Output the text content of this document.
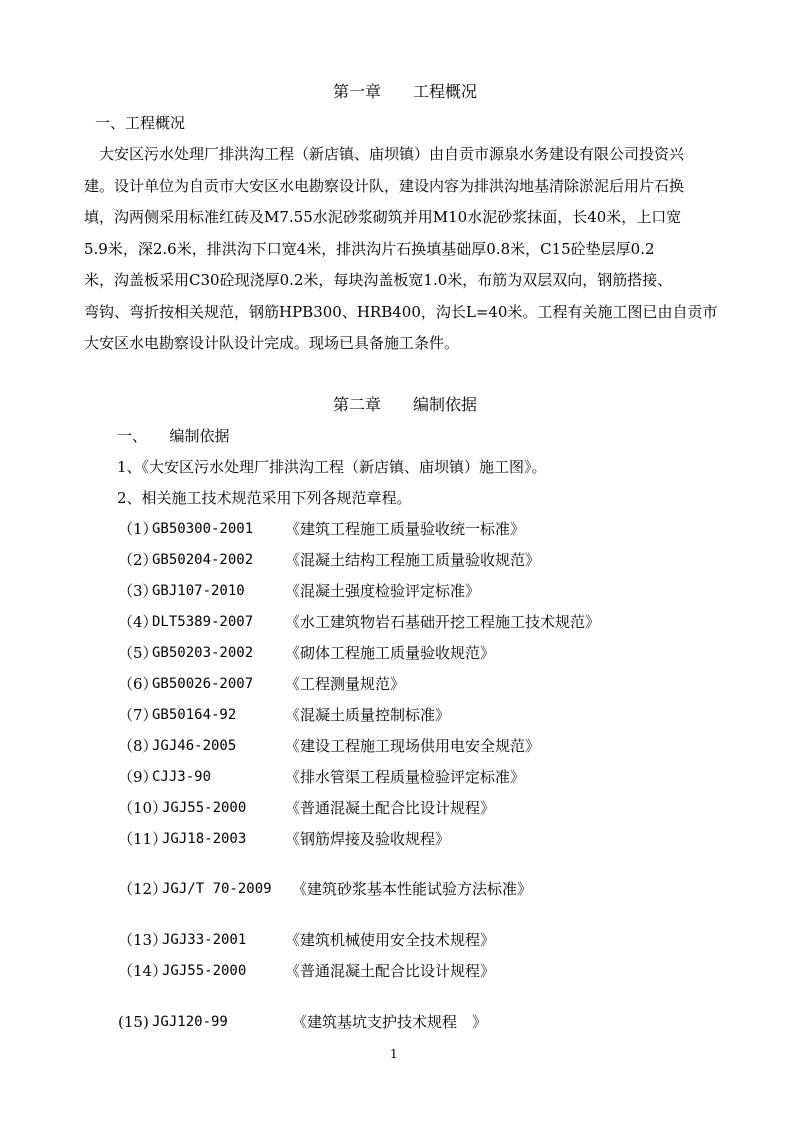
第一章　　工程概况
一、工程概况
　大安区污水处理厂排洪沟工程（新店镇、庙坝镇）由自贡市源泉水务建设有限公司投资兴
建。设计单位为自贡市大安区水电勘察设计队，建设内容为排洪沟地基清除淤泥后用片石换
填，沟两侧采用标准红砖及M7.55水泥砂浆砌筑并用M10水泥砂浆抹面，长40米，上口宽
5.9米，深2.6米，排洪沟下口宽4米，排洪沟片石换填基础厚0.8米，C15砼垫层厚0.2
米，沟盖板采用C30砼现浇厚0.2米，每块沟盖板宽1.0米，布筋为双层双向，钢筋搭接、
弯钩、弯折按相关规范，钢筋HPB300、HRB400，沟长L=40米。工程有关施工图已由自贡市
大安区水电勘察设计队设计完成。现场已具备施工条件。
第二章　　编制依据
一、　　编制依据
1、《大安区污水处理厂排洪沟工程（新店镇、庙坝镇）施工图》。
2、相关施工技术规范采用下列各规范章程。
（1）
GB50300-2001 《建筑工程施工质量验收统一标准》
（2）
GB50204-2002 《混凝土结构工程施工质量验收规范》
（3）
GBJ107-2010	《混凝土强度检验评定标准》
（4）
DLT5389-2007 《水工建筑物岩石基础开挖工程施工技术规范》
（5）
GB50203-2002 《砌体工程施工质量验收规范》
（6）
GB50026-2007 《工程测量规范》
（7）
GB50164-92	《混凝土质量控制标准》
（8）
JGJ46-2005	《建设工程施工现场供用电安全规范》
（9）
CJJ3-90	《排水管渠工程质量检验评定标准》
（10）
JGJ55-2000	《普通混凝土配合比设计规程》
（11）
JGJ18-2003	《钢筋焊接及验收规程》
（12）
JGJ/T 70-2009 《建筑砂浆基本性能试验方法标准》
（13）
JGJ33-2001	《建筑机械使用安全技术规程》
（14）
JGJ55-2000	《普通混凝土配合比设计规程》
(15) JGJ120-99	《建筑基坑支护技术规程　》
1
